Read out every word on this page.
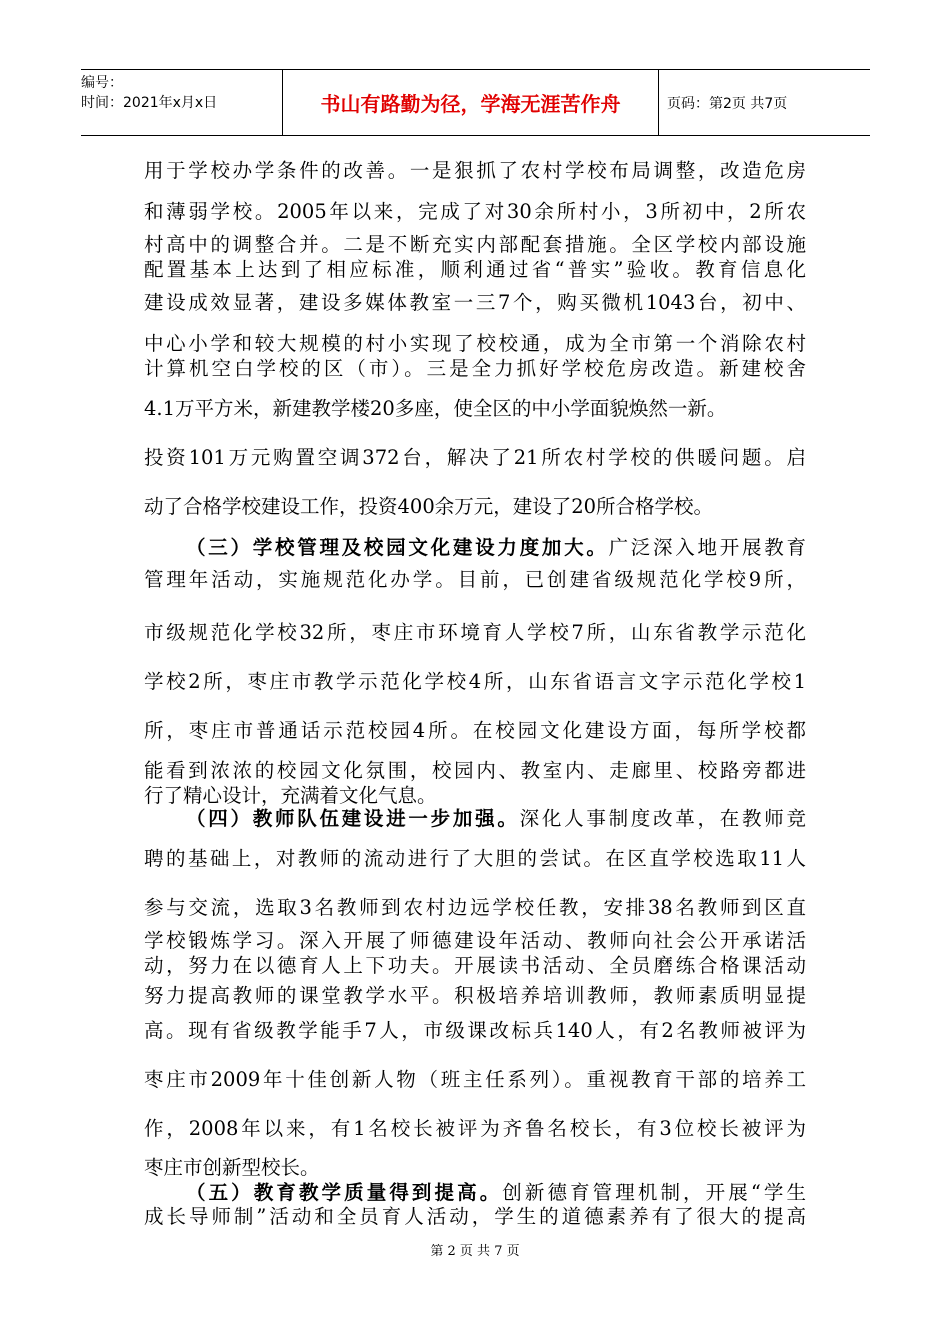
编号：
时间：2021年x月x日	书山有路勤为径，学海无涯苦作舟	页码：第2页 共7页
用于学校办学条件的改善。一是狠抓了农村学校布局调整，改造危房
和薄弱学校。2005年以来，完成了对30余所村小，3所初中，2所农
村高中的调整合并。二是不断充实内部配套措施。全区学校内部设施
配置基本上达到了相应标准，顺利通过省“普实”验收。教育信息化
建设成效显著，建设多媒体教室一三7个，购买微机1043台，初中、
中心小学和较大规模的村小实现了校校通，成为全市第一个消除农村
计算机空白学校的区（市）。三是全力抓好学校危房改造。新建校舍
4.1万平方米，新建教学楼20多座，使全区的中小学面貌焕然一新。
投资101万元购置空调372台，解决了21所农村学校的供暖问题。启
动了合格学校建设工作，投资400余万元，建设了20所合格学校。
（三）学校管理及校园文化建设力度加大。广泛深入地开展教育
管理年活动，实施规范化办学。目前，已创建省级规范化学校9所，
市级规范化学校32所，枣庄市环境育人学校7所，山东省教学示范化
学校2所，枣庄市教学示范化学校4所，山东省语言文字示范化学校1
所，枣庄市普通话示范校园4所。在校园文化建设方面，每所学校都
能看到浓浓的校园文化氛围，校园内、教室内、走廊里、校路旁都进
行了精心设计，充满着文化气息。
（四）教师队伍建设进一步加强。深化人事制度改革，在教师竞
聘的基础上，对教师的流动进行了大胆的尝试。在区直学校选取11人
参与交流，选取3名教师到农村边远学校任教，安排38名教师到区直
学校锻炼学习。深入开展了师德建设年活动、教师向社会公开承诺活
动，努力在以德育人上下功夫。开展读书活动、全员磨练合格课活动
努力提高教师的课堂教学水平。积极培养培训教师，教师素质明显提
高。现有省级教学能手7人，市级课改标兵140人，有2名教师被评为
枣庄市2009年十佳创新人物（班主任系列）。重视教育干部的培养工
作，2008年以来，有1名校长被评为齐鲁名校长，有3位校长被评为
枣庄市创新型校长。
（五）教育教学质量得到提高。创新德育管理机制，开展“学生
成长导师制”活动和全员育人活动，学生的道德素养有了很大的提高
第 2 页 共 7 页
